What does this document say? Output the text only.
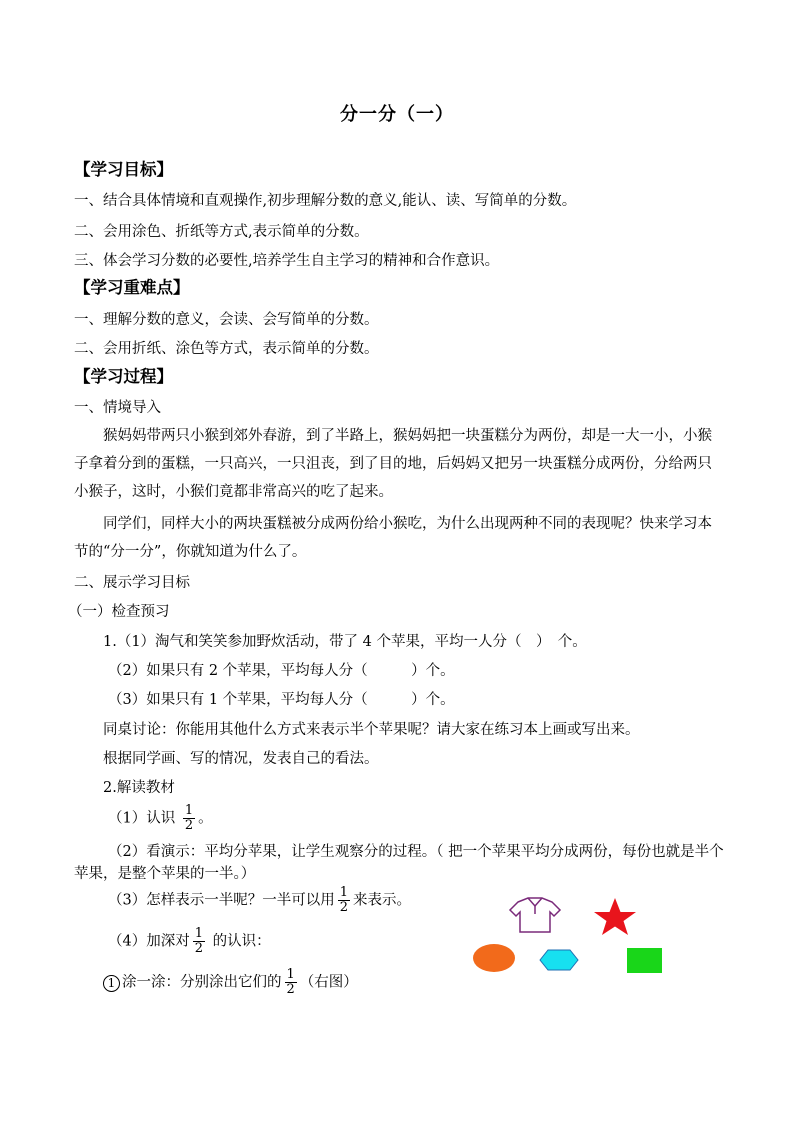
分一分（一）
【学习目标】
一、结合具体情境和直观操作,初步理解分数的意义,能认、读、写简单的分数。
二、会用涂色、折纸等方式,表示简单的分数。
三、体会学习分数的必要性,培养学生自主学习的精神和合作意识。
【学习重难点】
一、理解分数的意义，会读、会写简单的分数。
二、会用折纸、涂色等方式，表示简单的分数。
【学习过程】
一、情境导入
猴妈妈带两只小猴到郊外春游，到了半路上，猴妈妈把一块蛋糕分为两份，却是一大一小，小猴子拿着分到的蛋糕，一只高兴，一只沮丧，到了目的地，后妈妈又把另一块蛋糕分成两份，分给两只小猴子，这时，小猴们竟都非常高兴的吃了起来。
同学们，同样大小的两块蛋糕被分成两份给小猴吃，为什么出现两种不同的表现呢？快来学习本节的“分一分”，你就知道为什么了。
二、展示学习目标
（一）检查预习
1.（1）淘气和笑笑参加野炊活动，带了 4 个苹果，平均一人分（　）　个。
（2）如果只有 2 个苹果，平均每人分（　　　）个。
（3）如果只有 1 个苹果，平均每人分（　　　）个。
同桌讨论：你能用其他什么方式来表示半个苹果呢？请大家在练习本上画或写出来。
根据同学画、写的情况，发表自己的看法。
2.解读教材
（1）认识 $\frac{1}{2}$ 。
（2）看演示：平均分苹果，让学生观察分的过程。（ 把一个苹果平均分成两份，每份也就是半个苹果，是整个苹果的一半。）
（3）怎样表示一半呢？一半可以用 $\frac{1}{2}$ 来表示。
（4）加深对 $\frac{1}{2}$ 的认识：
1 涂一涂：分别涂出它们的 $\frac{1}{2}$ （右图）
